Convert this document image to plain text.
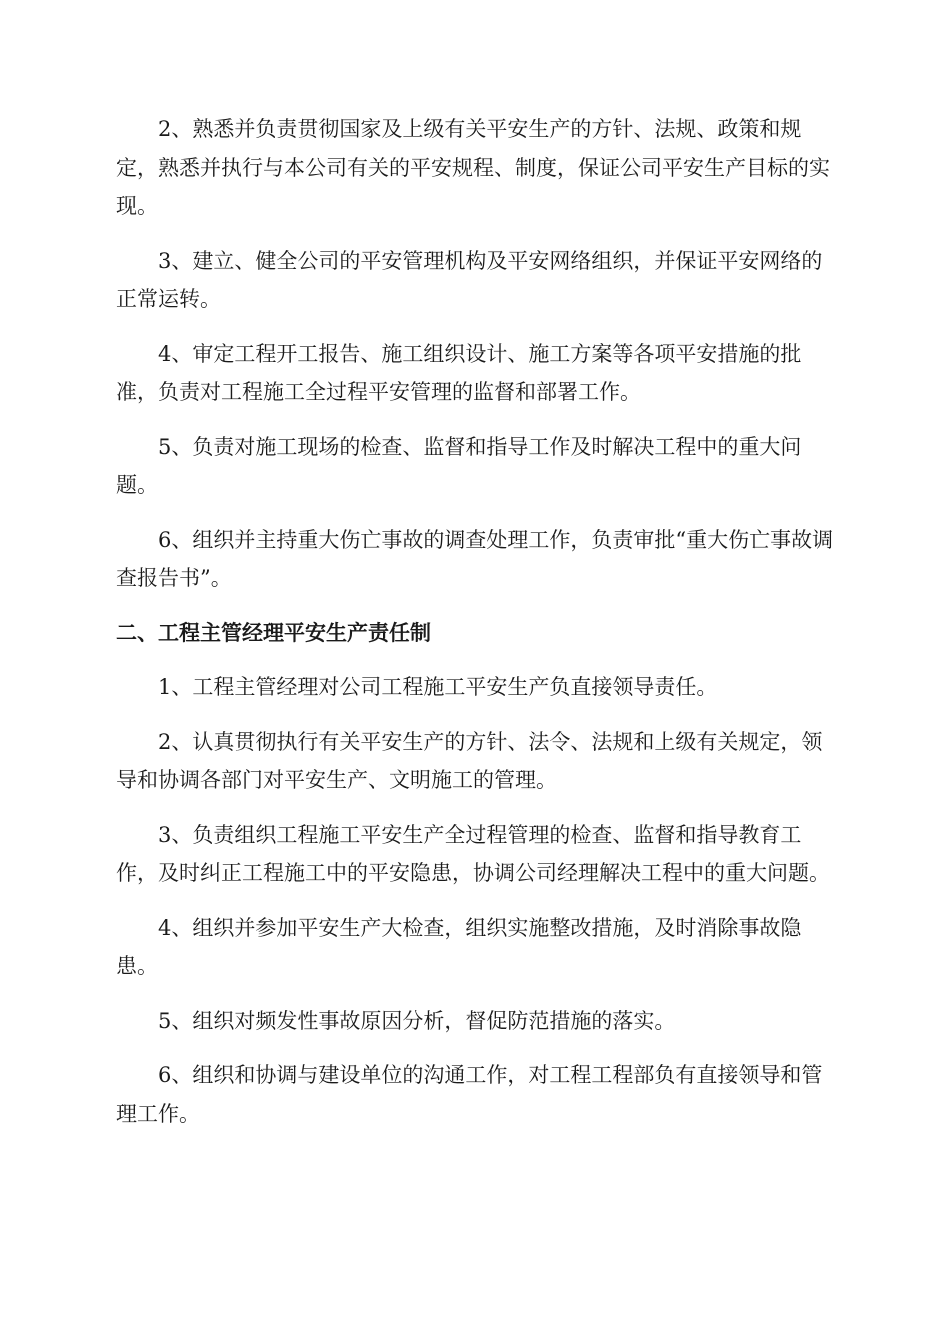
2、熟悉并负责贯彻国家及上级有关平安生产的方针、法规、政策和规定，熟悉并执行与本公司有关的平安规程、制度，保证公司平安生产目标的实现。

3、建立、健全公司的平安管理机构及平安网络组织，并保证平安网络的正常运转。

4、审定工程开工报告、施工组织设计、施工方案等各项平安措施的批准，负责对工程施工全过程平安管理的监督和部署工作。

5、负责对施工现场的检查、监督和指导工作及时解决工程中的重大问题。

6、组织并主持重大伤亡事故的调查处理工作，负责审批“重大伤亡事故调查报告书”。

二、工程主管经理平安生产责任制

1、工程主管经理对公司工程施工平安生产负直接领导责任。

2、认真贯彻执行有关平安生产的方针、法令、法规和上级有关规定，领导和协调各部门对平安生产、文明施工的管理。

3、负责组织工程施工平安生产全过程管理的检查、监督和指导教育工作，及时纠正工程施工中的平安隐患，协调公司经理解决工程中的重大问题。

4、组织并参加平安生产大检查，组织实施整改措施，及时消除事故隐患。

5、组织对频发性事故原因分析，督促防范措施的落实。

6、组织和协调与建设单位的沟通工作，对工程工程部负有直接领导和管理工作。
